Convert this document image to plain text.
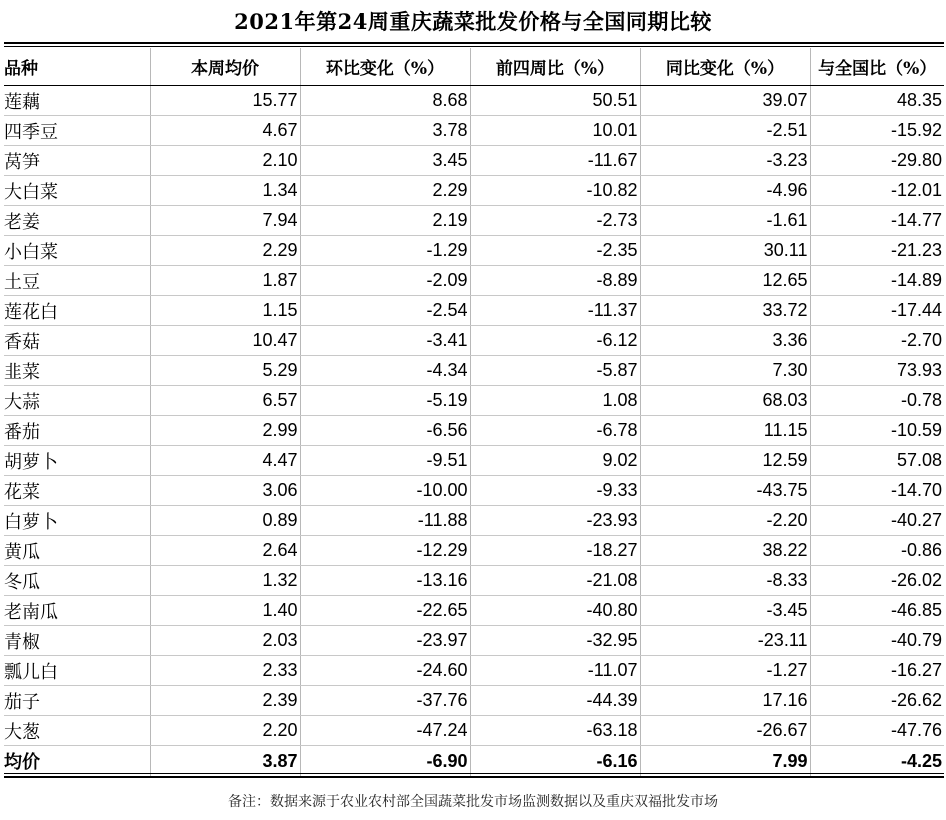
2021年第24周重庆蔬菜批发价格与全国同期比较
品种	本周均价	环比变化（%）	前四周比（%）	同比变化（%）	与全国比（%）
莲藕	15.77	8.68	50.51	39.07	48.35
四季豆	4.67	3.78	10.01	-2.51	-15.92
莴笋	2.10	3.45	-11.67	-3.23	-29.80
大白菜	1.34	2.29	-10.82	-4.96	-12.01
老姜	7.94	2.19	-2.73	-1.61	-14.77
小白菜	2.29	-1.29	-2.35	30.11	-21.23
土豆	1.87	-2.09	-8.89	12.65	-14.89
莲花白	1.15	-2.54	-11.37	33.72	-17.44
香菇	10.47	-3.41	-6.12	3.36	-2.70
韭菜	5.29	-4.34	-5.87	7.30	73.93
大蒜	6.57	-5.19	1.08	68.03	-0.78
番茄	2.99	-6.56	-6.78	11.15	-10.59
胡萝卜	4.47	-9.51	9.02	12.59	57.08
花菜	3.06	-10.00	-9.33	-43.75	-14.70
白萝卜	0.89	-11.88	-23.93	-2.20	-40.27
黄瓜	2.64	-12.29	-18.27	38.22	-0.86
冬瓜	1.32	-13.16	-21.08	-8.33	-26.02
老南瓜	1.40	-22.65	-40.80	-3.45	-46.85
青椒	2.03	-23.97	-32.95	-23.11	-40.79
瓢儿白	2.33	-24.60	-11.07	-1.27	-16.27
茄子	2.39	-37.76	-44.39	17.16	-26.62
大葱	2.20	-47.24	-63.18	-26.67	-47.76
均价	3.87	-6.90	-6.16	7.99	-4.25
备注：数据来源于农业农村部全国蔬菜批发市场监测数据以及重庆双福批发市场
